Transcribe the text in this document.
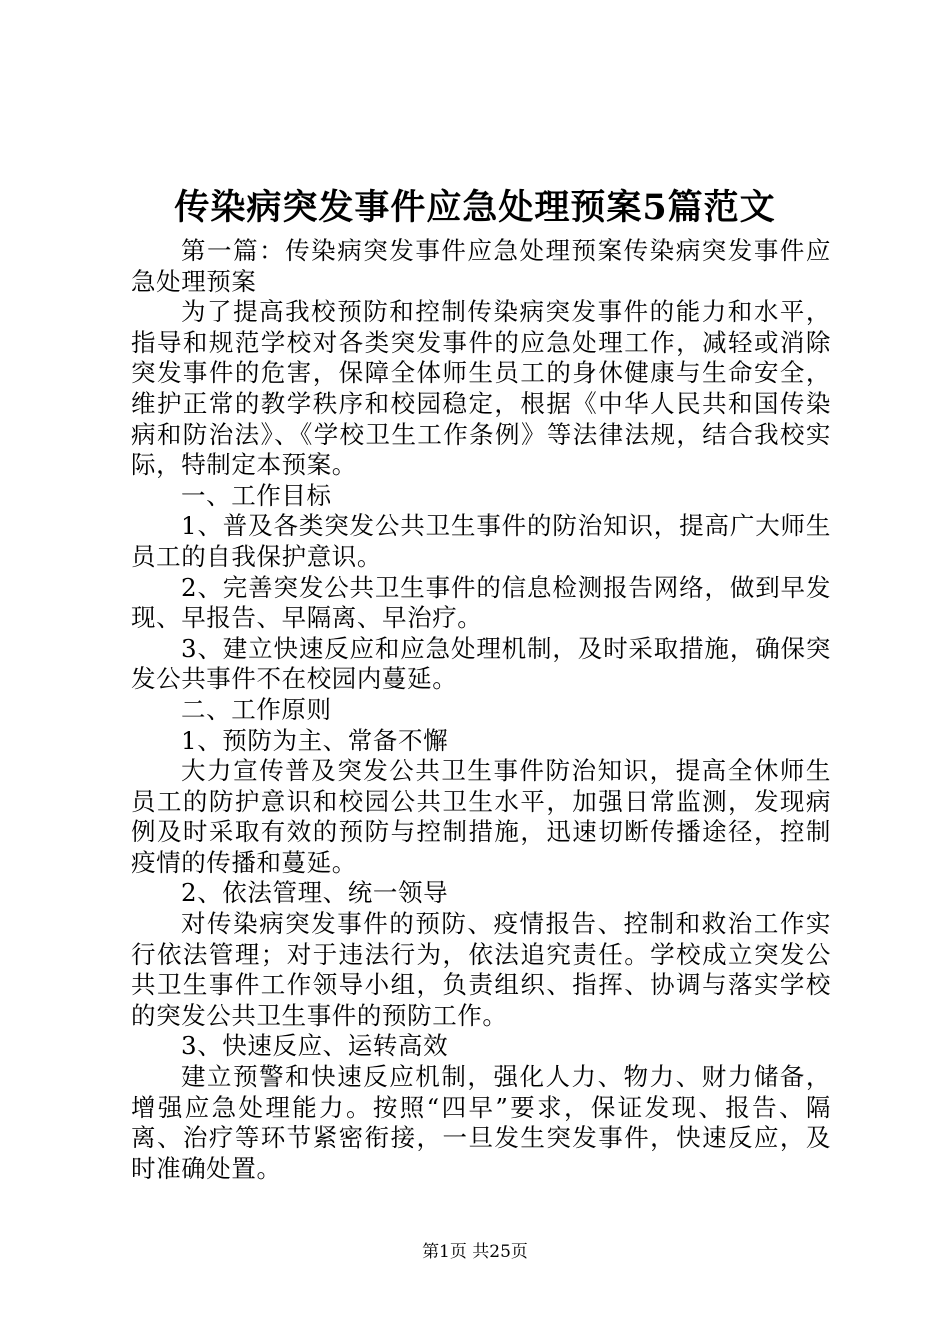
传染病突发事件应急处理预案5篇范文

第一篇：传染病突发事件应急处理预案传染病突发事件应急处理预案

为了提高我校预防和控制传染病突发事件的能力和水平，指导和规范学校对各类突发事件的应急处理工作，减轻或消除突发事件的危害，保障全体师生员工的身休健康与生命安全，维护正常的教学秩序和校园稳定，根据《中华人民共和国传染病和防治法》、《学校卫生工作条例》等法律法规，结合我校实际，特制定本预案。

一、工作目标

1、普及各类突发公共卫生事件的防治知识，提高广大师生员工的自我保护意识。

2、完善突发公共卫生事件的信息检测报告网络，做到早发现、早报告、早隔离、早治疗。

3、建立快速反应和应急处理机制，及时采取措施，确保突发公共事件不在校园内蔓延。

二、工作原则

1、预防为主、常备不懈

大力宣传普及突发公共卫生事件防治知识，提高全休师生员工的防护意识和校园公共卫生水平，加强日常监测，发现病例及时采取有效的预防与控制措施，迅速切断传播途径，控制疫情的传播和蔓延。

2、依法管理、统一领导

对传染病突发事件的预防、疫情报告、控制和救治工作实行依法管理；对于违法行为，依法追究责任。学校成立突发公共卫生事件工作领导小组，负责组织、指挥、协调与落实学校的突发公共卫生事件的预防工作。

3、快速反应、运转高效

建立预警和快速反应机制，强化人力、物力、财力储备，增强应急处理能力。按照“四早”要求，保证发现、报告、隔离、治疗等环节紧密衔接，一旦发生突发事件，快速反应，及时准确处置。

第1页 共25页
